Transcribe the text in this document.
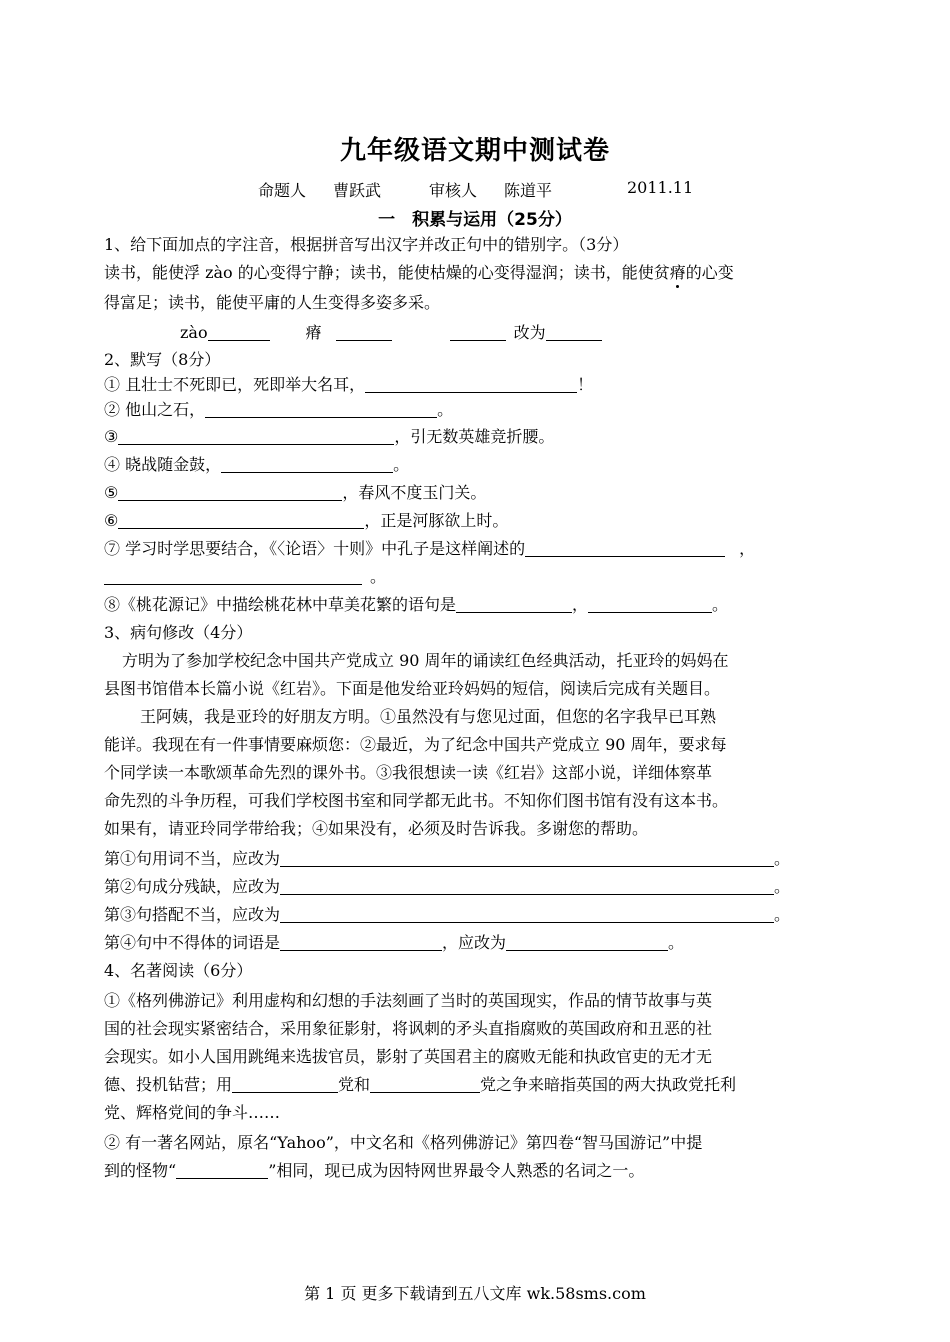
九年级语文期中测试卷
命题人 曹跃武	审核人 陈道平	2011.11
一　积累与运用（25分）
1、给下面加点的字注音，根据拼音写出汉字并改正句中的错别字。（3分）
读书，能使浮 zào 的心变得宁静；读书，能使枯燥的心变得湿润；读书，能使贫瘠的心变
得富足；读书，能使平庸的人生变得多姿多采。
zào	瘠	改为
2、默写（8分）
① 且壮士不死即已，死即举大名耳，	！
② 他山之石，	。
③	，引无数英雄竞折腰。
④ 晓战随金鼓，	。
⑤	，春风不度玉门关。
⑥	，正是河豚欲上时。
⑦ 学习时学思要结合，《〈论语〉十则》中孔子是这样阐述的	，
。
⑧《桃花源记》中描绘桃花林中草美花繁的语句是	，	。
3、病句修改（4分）
方明为了参加学校纪念中国共产党成立 90 周年的诵读红色经典活动，托亚玲的妈妈在
县图书馆借本长篇小说《红岩》。下面是他发给亚玲妈妈的短信，阅读后完成有关题目。
王阿姨，我是亚玲的好朋友方明。①虽然没有与您见过面，但您的名字我早已耳熟
能详。我现在有一件事情要麻烦您：②最近，为了纪念中国共产党成立 90 周年，要求每
个同学读一本歌颂革命先烈的课外书。③我很想读一读《红岩》这部小说，详细体察革
命先烈的斗争历程，可我们学校图书室和同学都无此书。不知你们图书馆有没有这本书。
如果有，请亚玲同学带给我；④如果没有，必须及时告诉我。多谢您的帮助。
第①句用词不当，应改为	。
第②句成分残缺，应改为	。
第③句搭配不当，应改为	。
第④句中不得体的词语是	，应改为	。
4、名著阅读（6分）
①《格列佛游记》利用虚构和幻想的手法刻画了当时的英国现实，作品的情节故事与英
国的社会现实紧密结合，采用象征影射，将讽刺的矛头直指腐败的英国政府和丑恶的社
会现实。如小人国用跳绳来选拔官员，影射了英国君主的腐败无能和执政官吏的无才无
德、投机钻营；用	党和	党之争来暗指英国的两大执政党托利
党、辉格党间的争斗……
② 有一著名网站，原名“Yahoo”，中文名和《格列佛游记》第四卷“智马国游记”中提
到的怪物“	”相同，现已成为因特网世界最令人熟悉的名词之一。
第 1 页 更多下载请到五八文库 wk.58sms.com
